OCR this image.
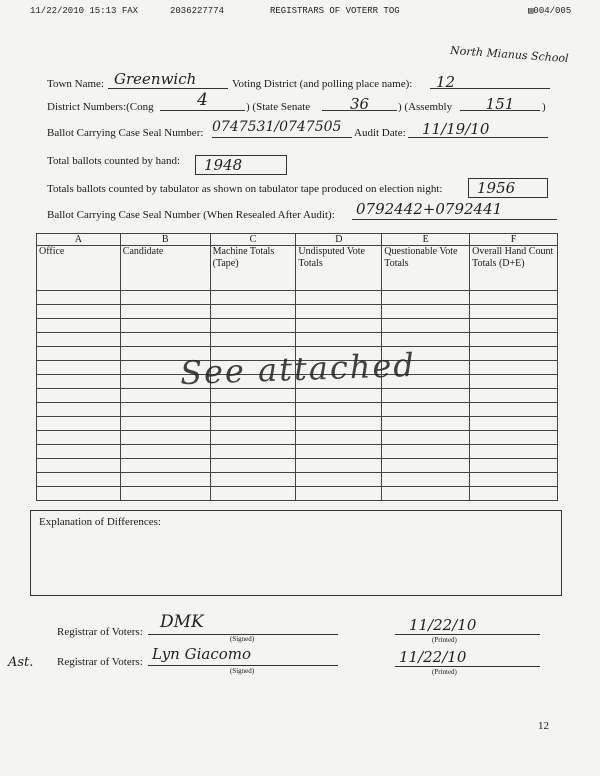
11/22/2010 15:13 FAX	2036227774	REGISTRARS OF VOTERR TOG	▤004/005
North Mianus School
Town Name: Greenwich	Voting District (and polling place name):	12
District Numbers:(Cong	4	) (State Senate	36	) (Assembly	151	)
Ballot Carrying Case Seal Number: 0747531/0747505	Audit Date:	11/19/10
Total ballots counted by hand:	1948
Totals ballots counted by tabulator as shown on tabulator tape produced on election night:	1956
Ballot Carrying Case Seal Number (When Resealed After Audit): 0792442+0792441
A	B	C	D	E	F
Office	Candidate	Machine Totals (Tape)	Undisputed Vote Totals	Questionable Vote Totals	Overall Hand Count Totals (D+E)

See attached
Explanation of Differences:
Registrar of Voters:	DMK
(Signed)
11/22/10
(Printed)
Ast. Registrar of Voters: Lyn Giacomo
(Signed)
11/22/10
(Printed)
12
